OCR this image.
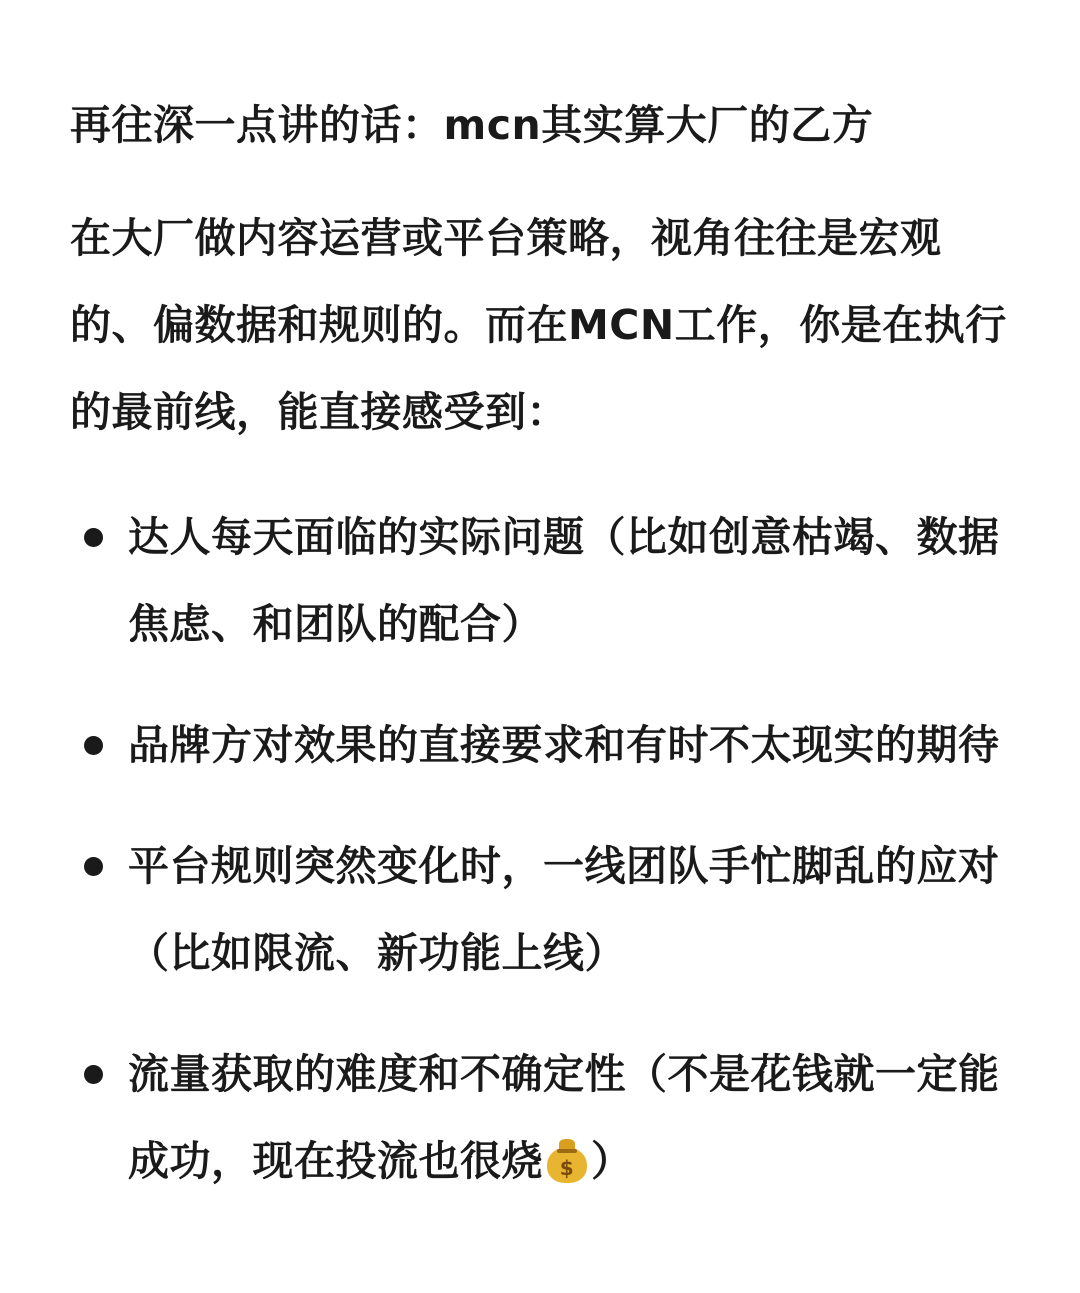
再往深一点讲的话：mcn其实算大厂的乙方

在大厂做内容运营或平台策略，视角往往是宏观的、偏数据和规则的。而在MCN工作，你是在执行的最前线，能直接感受到：

达人每天面临的实际问题（比如创意枯竭、数据焦虑、和团队的配合）
品牌方对效果的直接要求和有时不太现实的期待
平台规则突然变化时，一线团队手忙脚乱的应对（比如限流、新功能上线）
流量获取的难度和不确定性（不是花钱就一定能成功，现在投流也很烧 $ ）
